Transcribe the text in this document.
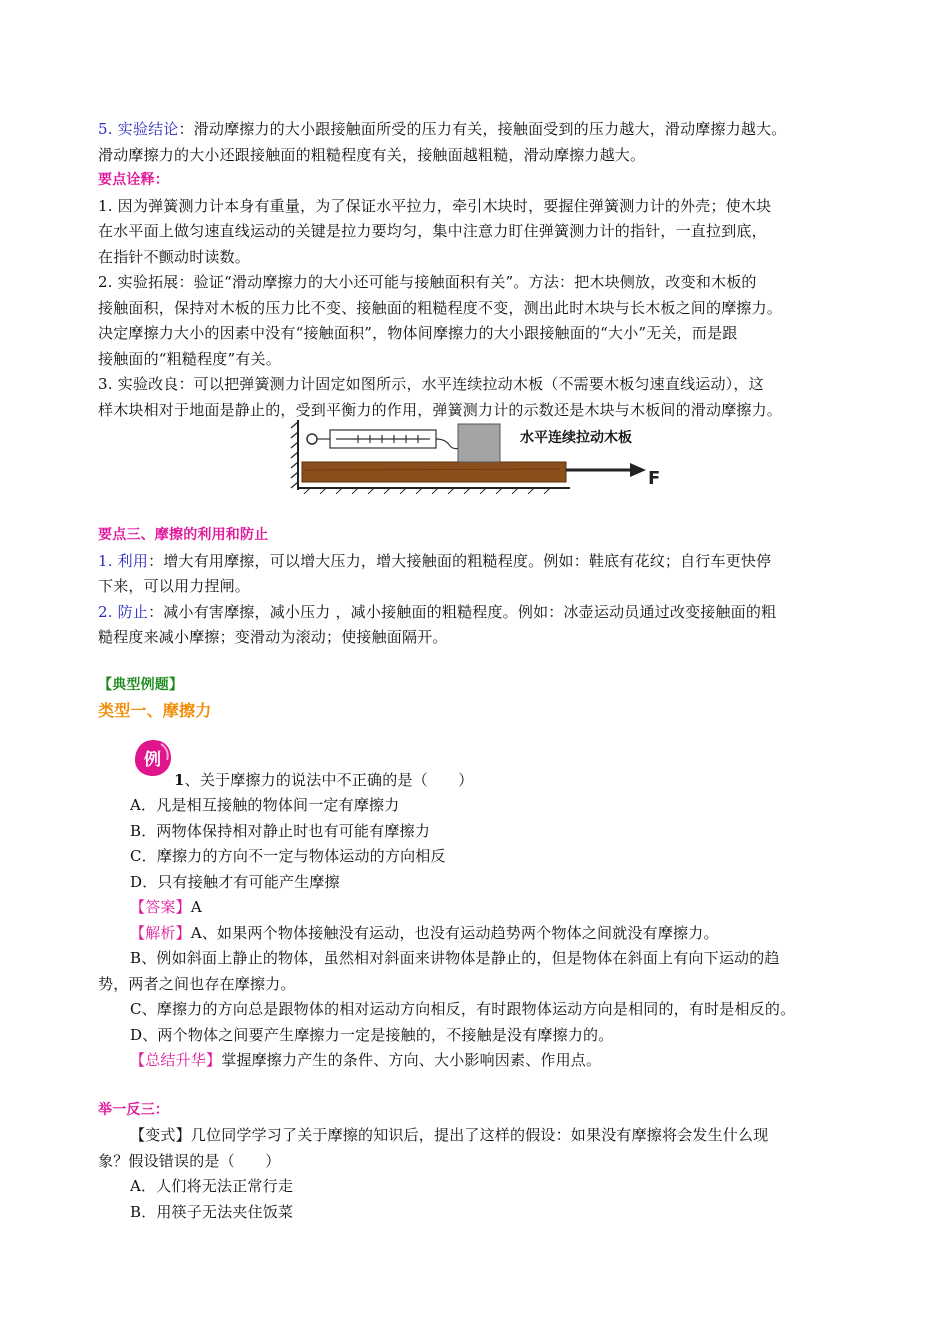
5. 实验结论：滑动摩擦力的大小跟接触面所受的压力有关，接触面受到的压力越大，滑动摩擦力越大。
滑动摩擦力的大小还跟接触面的粗糙程度有关，接触面越粗糙，滑动摩擦力越大。
要点诠释：
1. 因为弹簧测力计本身有重量，为了保证水平拉力，牵引木块时，要握住弹簧测力计的外壳；使木块
在水平面上做匀速直线运动的关键是拉力要均匀，集中注意力盯住弹簧测力计的指针，一直拉到底，
在指针不颤动时读数。
2. 实验拓展：验证“滑动摩擦力的大小还可能与接触面积有关”。方法：把木块侧放，改变和木板的
接触面积，保持对木板的压力比不变、接触面的粗糙程度不变，测出此时木块与长木板之间的摩擦力。
决定摩擦力大小的因素中没有“接触面积”，物体间摩擦力的大小跟接触面的“大小”无关，而是跟
接触面的“粗糙程度”有关。
3. 实验改良：可以把弹簧测力计固定如图所示，水平连续拉动木板（不需要木板匀速直线运动），这
样木块相对于地面是静止的，受到平衡力的作用，弹簧测力计的示数还是木块与木板间的滑动摩擦力。
要点三、摩擦的利用和防止
1. 利用：增大有用摩擦，可以增大压力，增大接触面的粗糙程度。例如：鞋底有花纹；自行车更快停
下来，可以用力捏闸。
2. 防止：减小有害摩擦，减小压力 ，减小接触面的粗糙程度。例如：冰壶运动员通过改变接触面的粗
糙程度来减小摩擦；变滑动为滚动；使接触面隔开。
【典型例题】
类型一、摩擦力
1、关于摩擦力的说法中不正确的是（　　）
A．凡是相互接触的物体间一定有摩擦力
B．两物体保持相对静止时也有可能有摩擦力
C．摩擦力的方向不一定与物体运动的方向相反
D．只有接触才有可能产生摩擦
【答案】A
【解析】A、如果两个物体接触没有运动，也没有运动趋势两个物体之间就没有摩擦力。
B、例如斜面上静止的物体，虽然相对斜面来讲物体是静止的，但是物体在斜面上有向下运动的趋
势，两者之间也存在摩擦力。
C、摩擦力的方向总是跟物体的相对运动方向相反，有时跟物体运动方向是相同的，有时是相反的。
D、两个物体之间要产生摩擦力一定是接触的，不接触是没有摩擦力的。
【总结升华】掌握摩擦力产生的条件、方向、大小影响因素、作用点。
举一反三：
【变式】几位同学学习了关于摩擦的知识后，提出了这样的假设：如果没有摩擦将会发生什么现
象？假设错误的是（　　）
A．人们将无法正常行走
B．用筷子无法夹住饭菜
F
水平连续拉动木板
例
